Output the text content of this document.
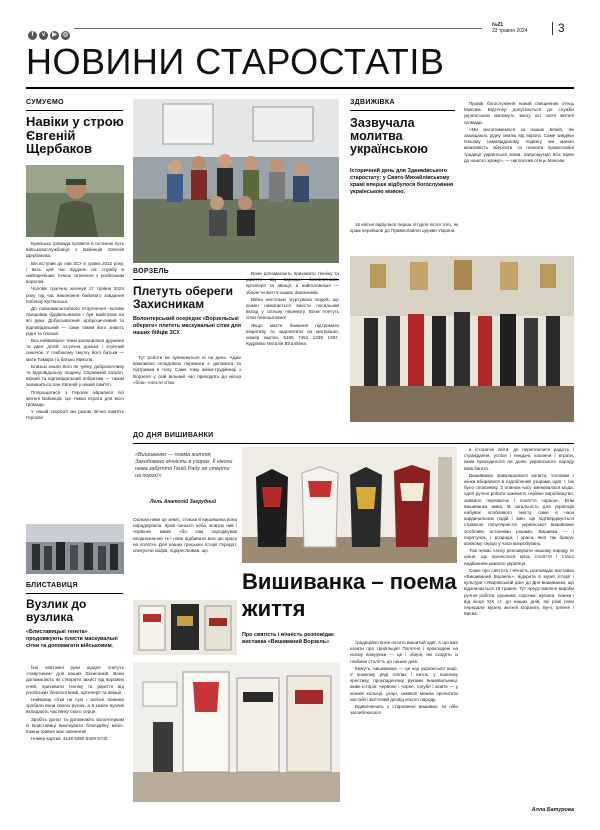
f v ▶ ◎
№21
23 травня 2024	3
НОВИНИ СТАРОСТАТІВ
СУМУЄМО
Навіки у строю Євгеній Щербаков

Буківська громада провела в останню путь військовослужбовця з Бабинців Євгенія Щербакова.

Він вступив до лав ЗСУ в травні 2022 року, і весь цей час віддано ніс службу в найгарячіших точках зіткнення з російським ворогом.

Чоловік трагічно загинув 17 травня 2024 року під час виконання бойового завдання поблизу Куп'янська.

До повномасштабного вторгнення чоловік працював будівельником і був майстром на всі руки. Доброзовісний, доброзичливий та відповідальний — саме таким його знають рідні та близькі.

Без неймовірно тяжкі залишилася дружина та двоє дітей: 12-річна донька і 4-річний синочок. У глибокому смутку його батьки — мати Тамара та батько Микола.

Близькі знали його як чуйну, доброзичливу та відповідальну людину. Справжній патріот, вірний та відповідальний побратим — таким залишиться пан Євгеній у нашій пам'яті.

Попрощатися з Героєм зібралися всі жителі Бабинців. Це тяжка втрата для всієї громади.

У нашій скорботі ми разом. Вічна пам'ять Героєві!

БЛИСТАВИЦЯ
Вузлик до вузлика
«Блиставицькі тенета» продовжують плести маскувальні сітки та допомагати військовим.

Їхні невтомні руки щодня плетуть «павутинки» для наших Захисників. Вони допомагають їм створити захист від ворожих очей, приховати техніку та укриття від російських безпілотників, артилерії та авіації.

Найкращі сітки на сухі і залізні тканини зробили вони своєю рукою, а в кожен вузлик вкладають частинку свого серця.

Зробіть донат та допоможіть волонтеркам із Блиставиці виконувати благодійну місію. Кожна гривня має значення!

Номер картки: 4149 6090 5329 8740.

ВОРЗЕЛЬ
Плетуть обереги Захисникам
Волонтерський осередок «Ворзельські обереги» плететь маскувальні сітки для наших бійців ЗСУ.

Тут роботи не зупиняються ні на день. Адже важливою складовою перемоги є допомога та підтримка в тилу. Саме тому жінки-трудівниці з Ворзеля у свій вільний час приходять до місця «бою» плести сітки.

Вони допомагають приховати техніку та укриття від ворожих безпілотників, артилерії та авіації, а найголовніше — зберегти життя наших Захисників.

Війна настільки згуртувала людей, що кожен намагається внести посильний вклад у спільну перемогу. Вони плетуть сітки безкоштовно!

Якщо маєте бажання підтримати ініціативу та задонатити на матеріали, номер картки: 5168 7451 1336 1387, Кудрявко Наталія Віталіївна.

ЗДВИЖІВКА
Зазвучала молитва українською
Історичний день для Здвижівського старостату: у Свято-Михайлівському храмі вперше відбулося богослужіння українською мовою.

16 квітня відбулася перша літургія після того, як храм перейшов до Православної церкви України.

Провів богослужіння новий священник отець Максим. Відтепер допускається до служби українською матимуть змогу всі охочі жителі громади.

«Ми молитимемося за наших воїнів, які захищають рідну землю від ворога. Саме завдяки їхньому самовідданому подвигу ми маємо можливість зберігати та плекати православні традиції української мови. Запрошуємо всіх вірян до нашого храму», — наголосив отець Максим.

ДО ДНЯ ВИШИВАНКИ
«Вишиванко — поема життя, Закодовано вічність в узорах. Її ніколи нема забуття Геній Раду не стерти на порох!»
Лель Анатолій Загрудний

Скільки ниве це землі, стільки й вишиванка вона народжувала. Край синього неба, жовтих нив і червоніх маків «бо сам породжував неоднозначне тк і нове відбивати всю цю красу на полотні. Для наших грецьких історії Геродот, описуючи скіфів, підкреслював, що

Вишиванка – поема життя
Про святість і вічність розповідає виставка «Вишиваний Ворзель»	традиційно вони носять вишитий одяг. А що вже казати про трипільців! Полотно і прокладені на ньому візерунки — це і оберіг, які сходять із глибини столітть до наших днів.

Кажуть, вишиванка — це код української нації. У кожному ряді гоплих і ниток, у кожному хрестику, прокладеному руками вишивальниці, живе історія: червоне і чорне, голубе і жовте — у кожній кольорі, узорі, символі можна прочитати настрій і життєвий досвід всього народу.

Вдивляючись у старовинні вишивки, ти ніби заглиблюєшся

в історичні світи, де переплелися радість і страждання, успіхи і невдачі, кохання і втрати, яким приходилося на долю українського народу віків багато.

Вишиванки прикрашалися калити, чоловіки і жінки вбиралися в оздоблений узорами одяг. І так було споконвіку. З плином часу змінювалася мода, одягі ручної роботи замінило серійне виробництво, заявило перевагою і поняття «краси». Втім вишиванка жива. В загальність для українців набуває особливого змісту саме в часи кардинальних подій і змін. Це підтверджується стрімкою популярністю української вишиванки особливо останніми роками. Вишивка — і порятунок, і розрада, і краса, якої так бракує кожному серцю у часи випробувань.

Тож немає сенсу реклакувати нашому народу те цінне, що проніслося крізь століття і стало надбанням кожного українця.

Саме про святість і вічність розповідає виставка «Вишиваний Ворзель», відкрита в музеї історії і культури «Уваровський дім» до Дня вишиванки, що відзначається 16 травня. Тут представлено вироби ручної роботи: рушники, сорочки, жупани, тканки і від кінця XIX ст. до наших днів, які різні роки передали музею жителі Ворзеля, Бучі, Ірпеня і Києва.

Алла Батурова
